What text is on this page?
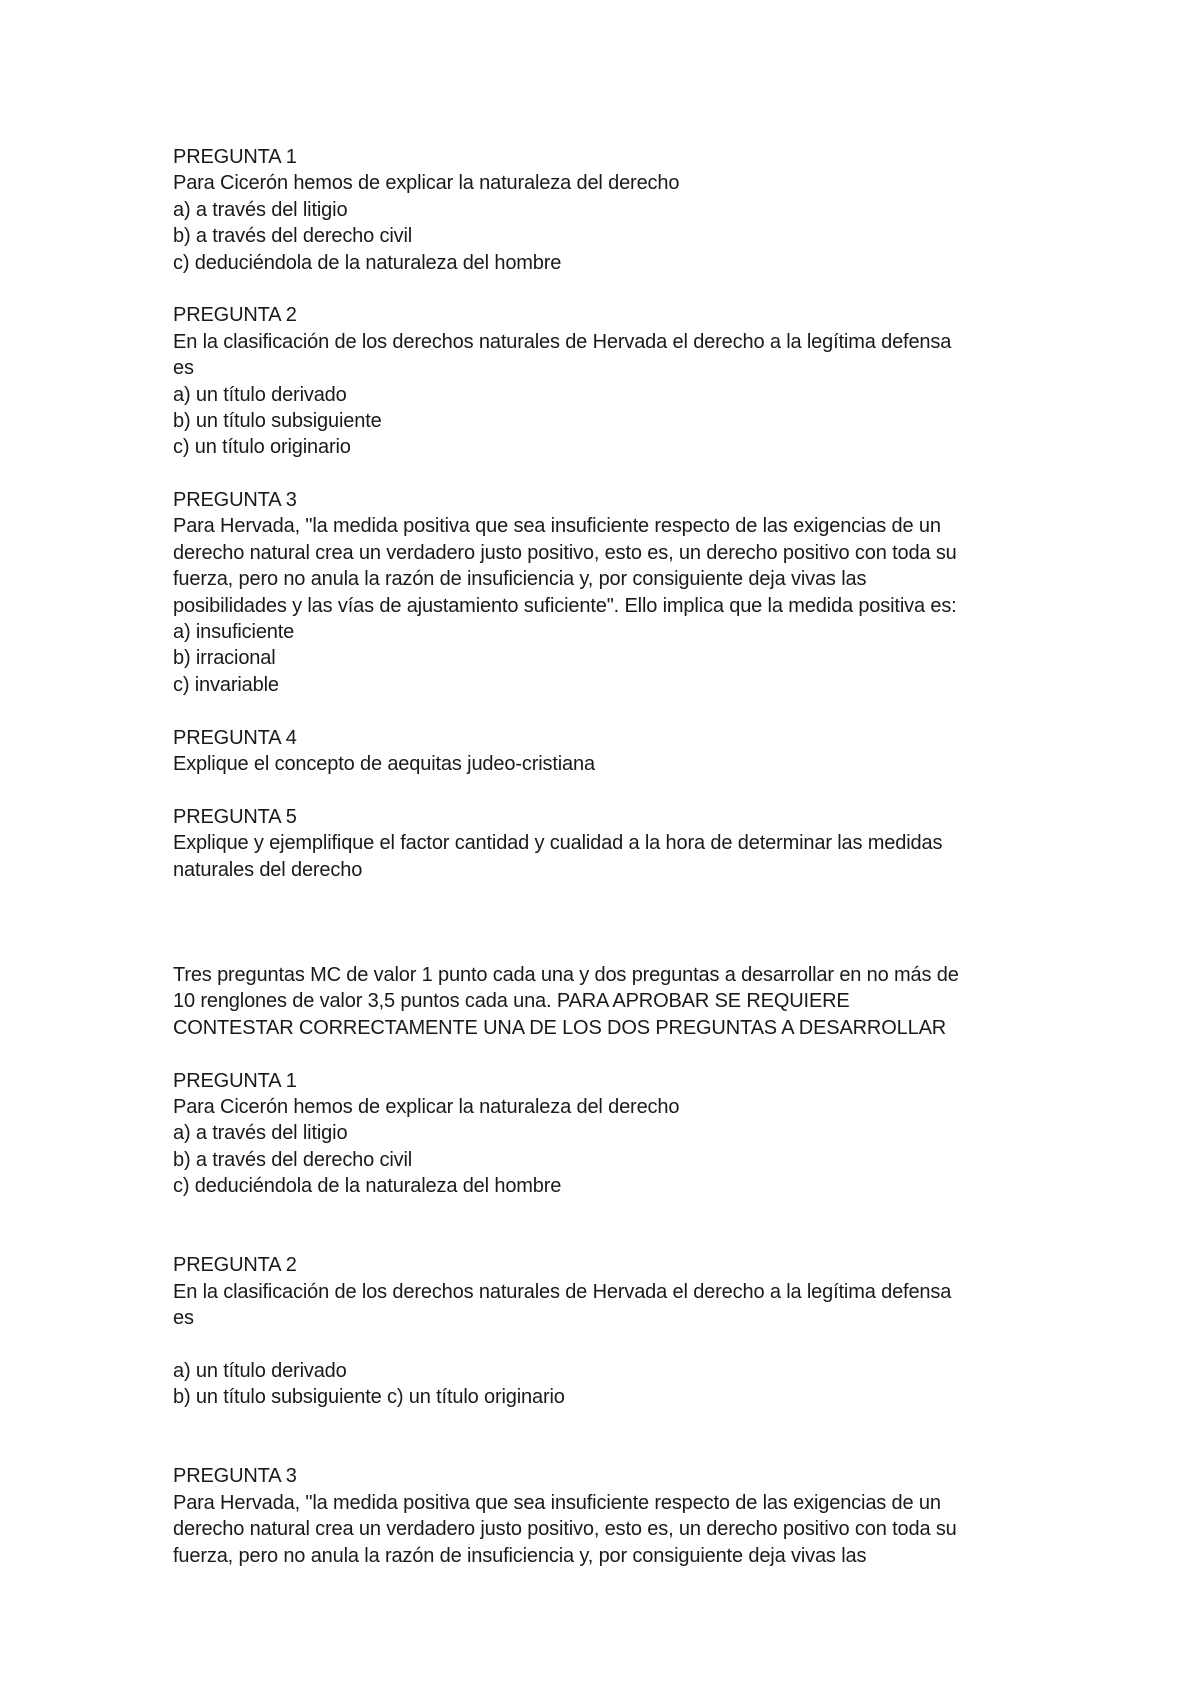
PREGUNTA 1
Para Cicerón hemos de explicar la naturaleza del derecho
a) a través del litigio
b) a través del derecho civil
c) deduciéndola de la naturaleza del hombre
PREGUNTA 2
En la clasificación de los derechos naturales de Hervada el derecho a la legítima defensa
es
a) un título derivado
b) un título subsiguiente
c) un título originario
PREGUNTA 3
Para Hervada, "la medida positiva que sea insuficiente respecto de las exigencias de un
derecho natural crea un verdadero justo positivo, esto es, un derecho positivo con toda su
fuerza, pero no anula la razón de insuficiencia y, por consiguiente deja vivas las
posibilidades y las vías de ajustamiento suficiente". Ello implica que la medida positiva es:
a) insuficiente
b) irracional
c) invariable
PREGUNTA 4
Explique el concepto de aequitas judeo-cristiana
PREGUNTA 5
Explique y ejemplifique el factor cantidad y cualidad a la hora de determinar las medidas
naturales del derecho
Tres preguntas MC de valor 1 punto cada una y dos preguntas a desarrollar en no más de
10 renglones de valor 3,5 puntos cada una. PARA APROBAR SE REQUIERE
CONTESTAR CORRECTAMENTE UNA DE LOS DOS PREGUNTAS A DESARROLLAR
PREGUNTA 1
Para Cicerón hemos de explicar la naturaleza del derecho
a) a través del litigio
b) a través del derecho civil
c) deduciéndola de la naturaleza del hombre
PREGUNTA 2
En la clasificación de los derechos naturales de Hervada el derecho a la legítima defensa
es
a) un título derivado
b) un título subsiguiente c) un título originario
PREGUNTA 3
Para Hervada, "la medida positiva que sea insuficiente respecto de las exigencias de un
derecho natural crea un verdadero justo positivo, esto es, un derecho positivo con toda su
fuerza, pero no anula la razón de insuficiencia y, por consiguiente deja vivas las
